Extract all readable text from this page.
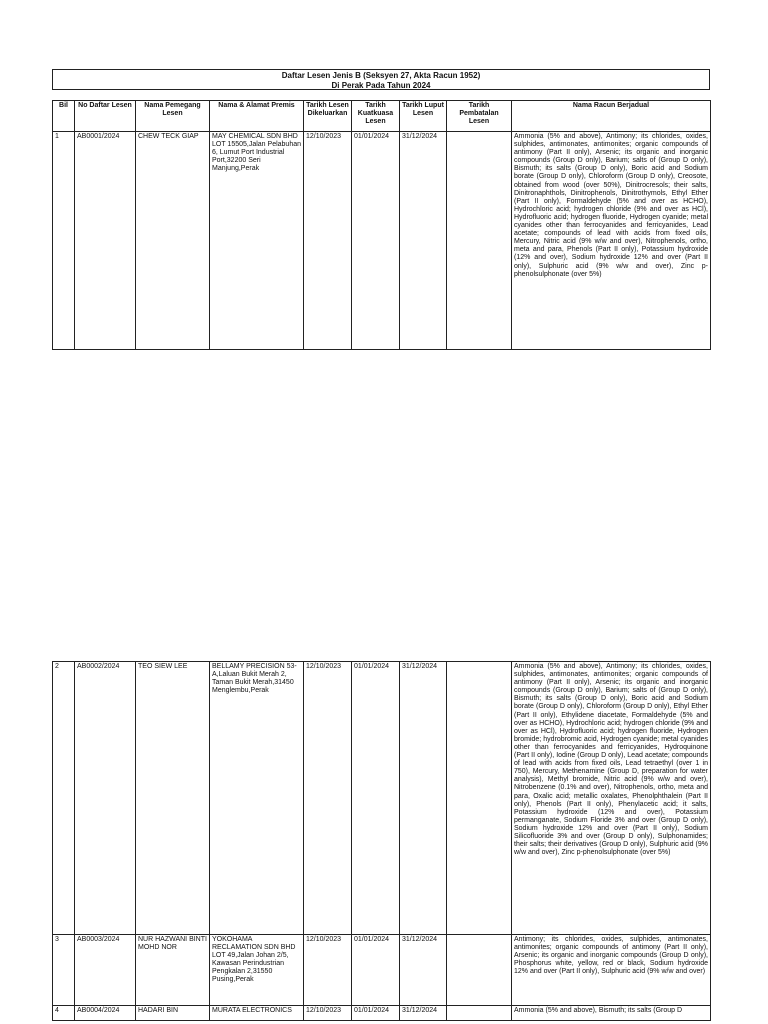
Daftar Lesen Jenis B (Seksyen 27, Akta Racun 1952)
Di Perak Pada Tahun 2024
Bil	No Daftar Lesen	Nama Pemegang Lesen	Nama & Alamat Premis	Tarikh Lesen Dikeluarkan	Tarikh Kuatkuasa Lesen	Tarikh Luput Lesen	Tarikh Pembatalan Lesen	Nama Racun Berjadual
1	AB0001/2024	CHEW TECK GIAP	MAY CHEMICAL SDN BHD LOT 15505,Jalan Pelabuhan 6, Lumut Port Industrial Port,32200 Seri Manjung,Perak	12/10/2023	01/01/2024	31/12/2024		Ammonia (5% and above), Antimony; its chlorides, oxides, sulphides, antimonates, antimonites; organic compounds of antimony (Part II only), Arsenic; its organic and inorganic compounds (Group D only), Barium; salts of (Group D only), Bismuth; its salts (Group D only), Boric acid and Sodium borate (Group D only), Chloroform (Group D only), Creosote, obtained from wood (over 50%), Dinitrocresols; their salts, Dinitronaphthols, Dinitrophenols, Dinitrothymols, Ethyl Ether (Part II only), Formaldehyde (5% and over as HCHO), Hydrochloric acid; hydrogen chloride (9% and over as HCl), Hydrofluoric acid; hydrogen fluoride, Hydrogen cyanide; metal cyanides other than ferrocyanides and ferricyanides, Lead acetate; compounds of lead with acids from fixed oils, Mercury, Nitric acid (9% w/w and over), Nitrophenols, ortho, meta and para, Phenols (Part II only), Potassium hydroxide (12% and over), Sodium hydroxide 12% and over (Part II only), Sulphuric acid (9% w/w and over), Zinc p-phenolsulphonate (over 5%)
2	AB0002/2024	TEO SIEW LEE	BELLAMY PRECISION 53-A,Laluan Bukit Merah 2, Taman Bukit Merah,31450 Menglembu,Perak	12/10/2023	01/01/2024	31/12/2024		Ammonia (5% and above), Antimony; its chlorides, oxides, sulphides, antimonates, antimonites; organic compounds of antimony (Part II only), Arsenic; its organic and inorganic compounds (Group D only), Barium; salts of (Group D only), Bismuth; its salts (Group D only), Boric acid and Sodium borate (Group D only), Chloroform (Group D only), Ethyl Ether (Part II only), Ethylidene diacetate, Formaldehyde (5% and over as HCHO), Hydrochloric acid; hydrogen chloride (9% and over as HCl), Hydrofluoric acid; hydrogen fluoride, Hydrogen bromide; hydrobromic acid, Hydrogen cyanide; metal cyanides other than ferrocyanides and ferricyanides, Hydroquinone (Part II only), Iodine (Group D only), Lead acetate; compounds of lead with acids from fixed oils, Lead tetraethyl (over 1 in 750), Mercury, Methenamine (Group D, preparation for water analysis), Methyl bromide, Nitric acid (9% w/w and over), Nitrobenzene (0.1% and over), Nitrophenols, ortho, meta and para, Oxalic acid; metallic oxalates, Phenolphthalein (Part II only), Phenols (Part II only), Phenylacetic acid; it salts, Potassium hydroxide (12% and over), Potassium permanganate, Sodium Floride 3% and over (Group D only), Sodium hydroxide 12% and over (Part II only), Sodium Silicofluoride 3% and over (Group D only), Sulphonamides; their salts; their derivatives (Group D only), Sulphuric acid (9% w/w and over), Zinc p-phenolsulphonate (over 5%)
3	AB0003/2024	NUR HAZWANI BINTI MOHD NOR	YOKOHAMA RECLAMATION SDN BHD LOT 49,Jalan Johan 2/5, Kawasan Perindustrian Pengkalan 2,31550 Pusing,Perak	12/10/2023	01/01/2024	31/12/2024		Antimony; its chlorides, oxides, sulphides, antimonates, antimonites; organic compounds of antimony (Part II only), Arsenic; its organic and inorganic compounds (Group D only), Phosphorus white, yellow, red or black, Sodium hydroxide 12% and over (Part II only), Sulphuric acid (9% w/w and over)
4	AB0004/2024	HADARI BIN	MURATA ELECTRONICS	12/10/2023	01/01/2024	31/12/2024		Ammonia (5% and above), Bismuth; its salts (Group D
